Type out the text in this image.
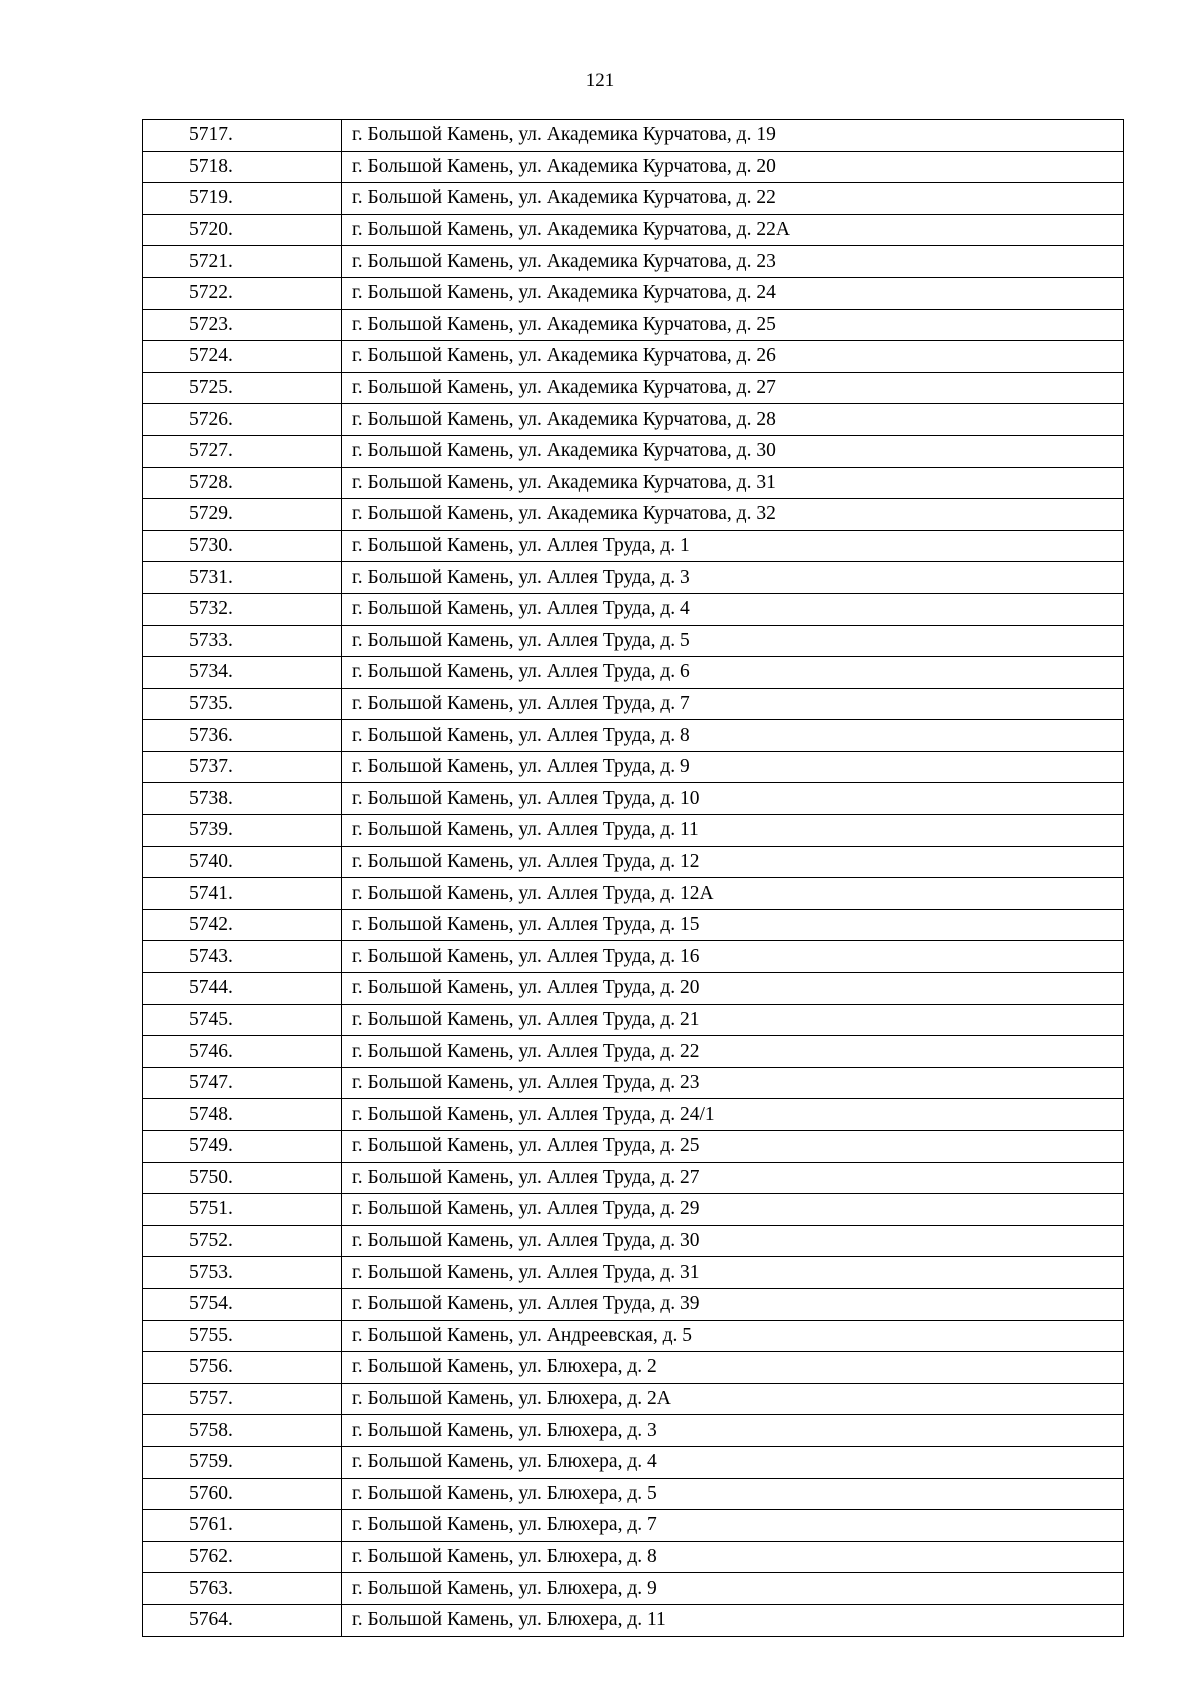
121
5717.	г. Большой Камень, ул. Академика Курчатова, д. 19
5718.	г. Большой Камень, ул. Академика Курчатова, д. 20
5719.	г. Большой Камень, ул. Академика Курчатова, д. 22
5720.	г. Большой Камень, ул. Академика Курчатова, д. 22А
5721.	г. Большой Камень, ул. Академика Курчатова, д. 23
5722.	г. Большой Камень, ул. Академика Курчатова, д. 24
5723.	г. Большой Камень, ул. Академика Курчатова, д. 25
5724.	г. Большой Камень, ул. Академика Курчатова, д. 26
5725.	г. Большой Камень, ул. Академика Курчатова, д. 27
5726.	г. Большой Камень, ул. Академика Курчатова, д. 28
5727.	г. Большой Камень, ул. Академика Курчатова, д. 30
5728.	г. Большой Камень, ул. Академика Курчатова, д. 31
5729.	г. Большой Камень, ул. Академика Курчатова, д. 32
5730.	г. Большой Камень, ул. Аллея Труда, д. 1
5731.	г. Большой Камень, ул. Аллея Труда, д. 3
5732.	г. Большой Камень, ул. Аллея Труда, д. 4
5733.	г. Большой Камень, ул. Аллея Труда, д. 5
5734.	г. Большой Камень, ул. Аллея Труда, д. 6
5735.	г. Большой Камень, ул. Аллея Труда, д. 7
5736.	г. Большой Камень, ул. Аллея Труда, д. 8
5737.	г. Большой Камень, ул. Аллея Труда, д. 9
5738.	г. Большой Камень, ул. Аллея Труда, д. 10
5739.	г. Большой Камень, ул. Аллея Труда, д. 11
5740.	г. Большой Камень, ул. Аллея Труда, д. 12
5741.	г. Большой Камень, ул. Аллея Труда, д. 12А
5742.	г. Большой Камень, ул. Аллея Труда, д. 15
5743.	г. Большой Камень, ул. Аллея Труда, д. 16
5744.	г. Большой Камень, ул. Аллея Труда, д. 20
5745.	г. Большой Камень, ул. Аллея Труда, д. 21
5746.	г. Большой Камень, ул. Аллея Труда, д. 22
5747.	г. Большой Камень, ул. Аллея Труда, д. 23
5748.	г. Большой Камень, ул. Аллея Труда, д. 24/1
5749.	г. Большой Камень, ул. Аллея Труда, д. 25
5750.	г. Большой Камень, ул. Аллея Труда, д. 27
5751.	г. Большой Камень, ул. Аллея Труда, д. 29
5752.	г. Большой Камень, ул. Аллея Труда, д. 30
5753.	г. Большой Камень, ул. Аллея Труда, д. 31
5754.	г. Большой Камень, ул. Аллея Труда, д. 39
5755.	г. Большой Камень, ул. Андреевская, д. 5
5756.	г. Большой Камень, ул. Блюхера, д. 2
5757.	г. Большой Камень, ул. Блюхера, д. 2А
5758.	г. Большой Камень, ул. Блюхера, д. 3
5759.	г. Большой Камень, ул. Блюхера, д. 4
5760.	г. Большой Камень, ул. Блюхера, д. 5
5761.	г. Большой Камень, ул. Блюхера, д. 7
5762.	г. Большой Камень, ул. Блюхера, д. 8
5763.	г. Большой Камень, ул. Блюхера, д. 9
5764.	г. Большой Камень, ул. Блюхера, д. 11
